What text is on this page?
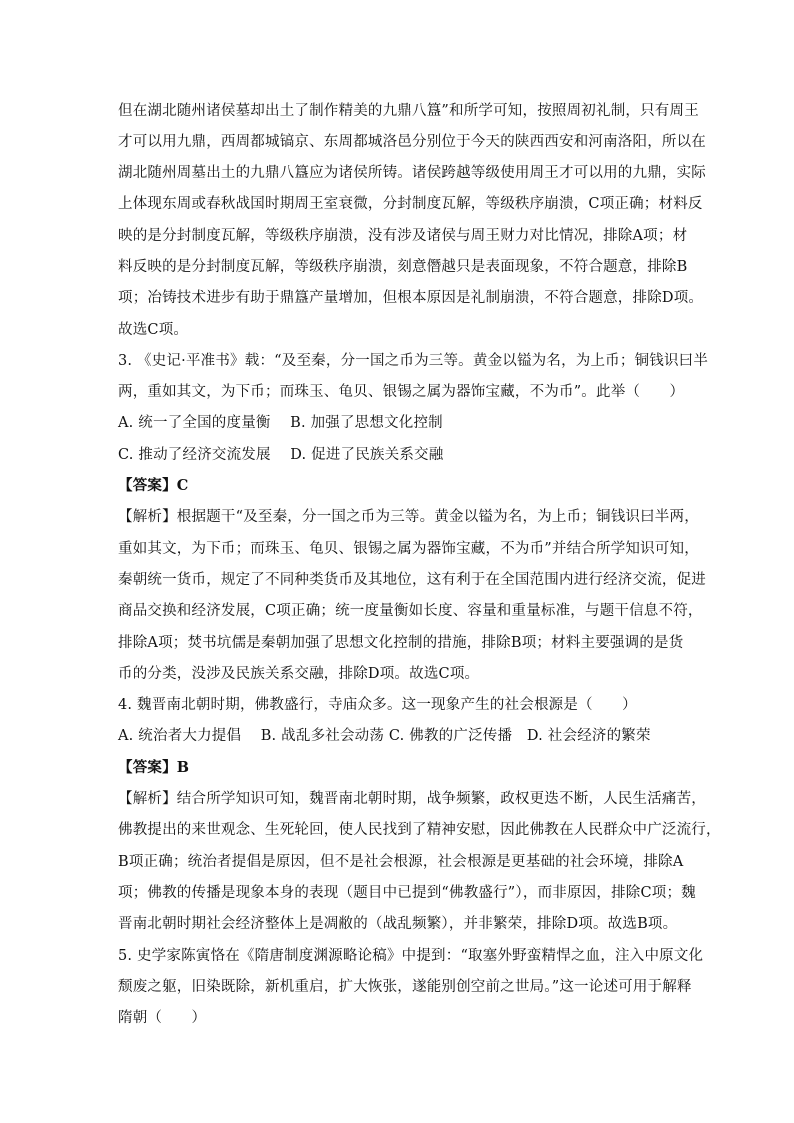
但在湖北随州诸侯墓却出土了制作精美的九鼎八簋”和所学可知，按照周初礼制，只有周王
才可以用九鼎，西周都城镐京、东周都城洛邑分别位于今天的陕西西安和河南洛阳，所以在
湖北随州周墓出土的九鼎八簋应为诸侯所铸。诸侯跨越等级使用周王才可以用的九鼎，实际
上体现东周或春秋战国时期周王室衰微，分封制度瓦解，等级秩序崩溃，C项正确；材料反
映的是分封制度瓦解，等级秩序崩溃，没有涉及诸侯与周王财力对比情况，排除A项；材
料反映的是分封制度瓦解，等级秩序崩溃，刻意僭越只是表面现象，不符合题意，排除B
项；冶铸技术进步有助于鼎簋产量增加，但根本原因是礼制崩溃，不符合题意，排除D项。
故选C项。
3. 《史记·平准书》载：“及至秦，分一国之币为三等。黄金以镒为名，为上币；铜钱识曰半
两，重如其文，为下币；而珠玉、龟贝、银锡之属为器饰宝藏，不为币”。此举（　　）
A. 统一了全国的度量衡　 B. 加强了思想文化控制
C. 推动了经济交流发展　 D. 促进了民族关系交融
【答案】C
【解析】根据题干“及至秦，分一国之币为三等。黄金以镒为名，为上币；铜钱识曰半两，
重如其文，为下币；而珠玉、龟贝、银锡之属为器饰宝藏，不为币”并结合所学知识可知，
秦朝统一货币，规定了不同种类货币及其地位，这有利于在全国范围内进行经济交流，促进
商品交换和经济发展，C项正确；统一度量衡如长度、容量和重量标准，与题干信息不符，
排除A项；焚书坑儒是秦朝加强了思想文化控制的措施，排除B项；材料主要强调的是货
币的分类，没涉及民族关系交融，排除D项。故选C项。
4. 魏晋南北朝时期，佛教盛行，寺庙众多。这一现象产生的社会根源是（　　）
A. 统治者大力提倡　 B. 战乱多社会动荡 C. 佛教的广泛传播　D. 社会经济的繁荣
【答案】B
【解析】结合所学知识可知，魏晋南北朝时期，战争频繁，政权更迭不断，人民生活痛苦，
佛教提出的来世观念、生死轮回，使人民找到了精神安慰，因此佛教在人民群众中广泛流行，
B项正确；统治者提倡是原因，但不是社会根源，社会根源是更基础的社会环境，排除A
项；佛教的传播是现象本身的表现（题目中已提到“佛教盛行”），而非原因，排除C项；魏
晋南北朝时期社会经济整体上是凋敝的（战乱频繁），并非繁荣，排除D项。故选B项。
5. 史学家陈寅恪在《隋唐制度渊源略论稿》中提到：“取塞外野蛮精悍之血，注入中原文化
颓废之躯，旧染既除，新机重启，扩大恢张，遂能别创空前之世局。”这一论述可用于解释
隋朝（　　）
